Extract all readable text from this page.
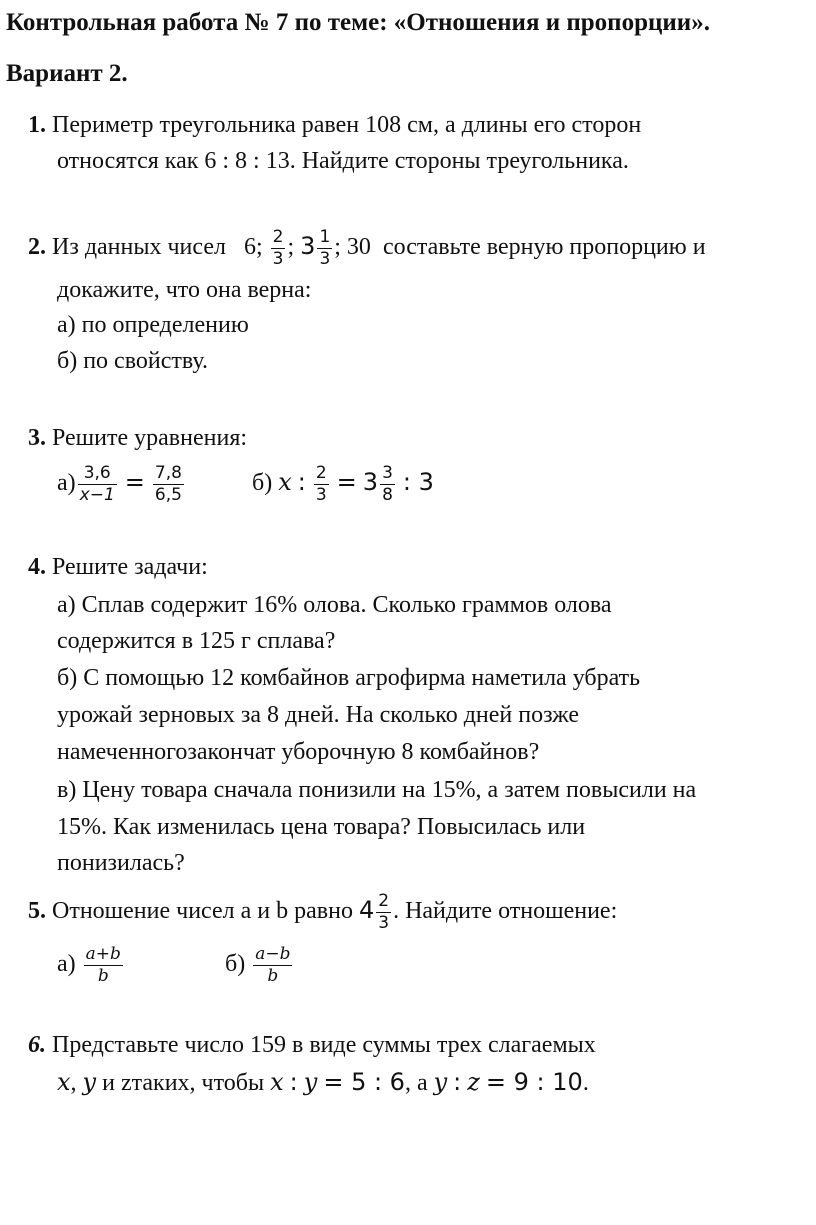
Контрольная работа № 7 по теме: «Отношения и пропорции».
Вариант 2.
1. Периметр треугольника равен 108 см, а длины его сторон
относятся как 6 : 8 : 13. Найдите стороны треугольника.
2. Из данных чисел 6; $\frac{2}{3}$ ; $3 \frac{1}{3}$ ; 30 составьте верную пропорцию и
докажите, что она верна:
а) по определению
б) по свойству.
3. Решите уравнения:
$а) \frac{3,6}{x-1} = \frac{7,8}{6,5}$	б) x : $\frac{2}{3} = 3 \frac{3}{8}$ : 3
4. Решите задачи:
а) Сплав содержит 16% олова. Сколько граммов олова
содержится в 125 г сплава?
б) С помощью 12 комбайнов агрофирма наметила убрать
урожай зерновых за 8 дней. На сколько дней позже
намеченногозакончат уборочную 8 комбайнов?
в) Цену товара сначала понизили на 15%, а затем повысили на
15%. Как изменилась цена товара? Повысилась или
понизилась?
5. Отношение чисел a и b равно $4 \frac{2}{3}$ . Найдите отношение:
$а) \frac{a+b}{b}$	$б) \frac{a-b}{b}$
6. Представьте число 159 в виде суммы трех слагаемых
x, y и zтаких, чтобы x : y = 5 : 6, а y : z = 9 : 10.
